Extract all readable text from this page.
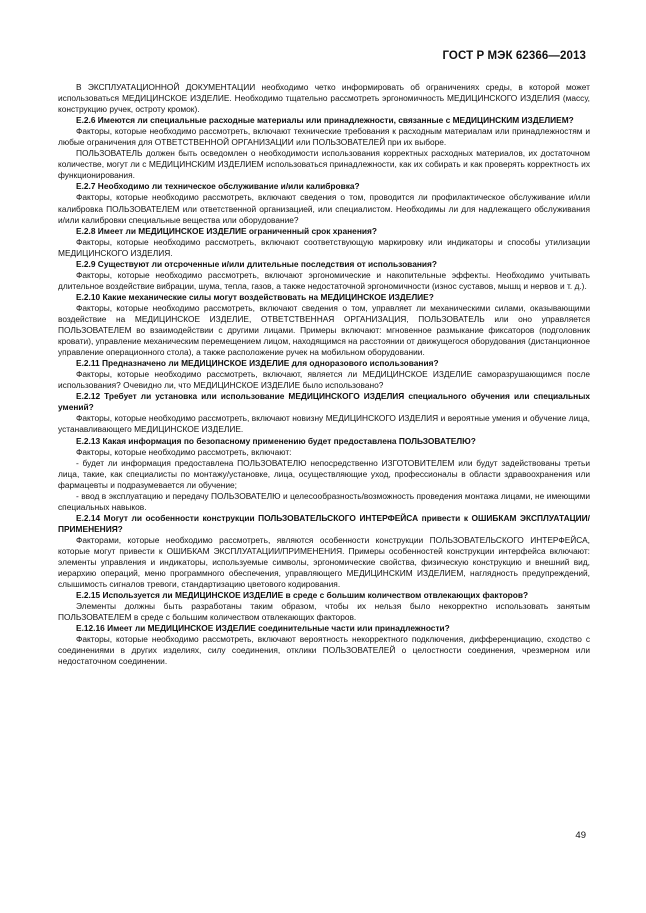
ГОСТ Р МЭК 62366—2013

В ЭКСПЛУАТАЦИОННОЙ ДОКУМЕНТАЦИИ необходимо четко информировать об ограничениях среды, в которой может использоваться МЕДИЦИНСКОЕ ИЗДЕЛИЕ. Необходимо тщательно рассмотреть эргономичность МЕДИЦИНСКОГО ИЗДЕЛИЯ (массу, конструкцию ручек, остроту кромок).

Е.2.6 Имеются ли специальные расходные материалы или принадлежности, связанные с МЕДИЦИНСКИМ ИЗДЕЛИЕМ?

Факторы, которые необходимо рассмотреть, включают технические требования к расходным материалам или принадлежностям и любые ограничения для ОТВЕТСТВЕННОЙ ОРГАНИЗАЦИИ или ПОЛЬЗОВАТЕЛЕЙ при их выборе.

ПОЛЬЗОВАТЕЛЬ должен быть осведомлен о необходимости использования корректных расходных материалов, их достаточном количестве, могут ли с МЕДИЦИНСКИМ ИЗДЕЛИЕМ использоваться принадлежности, как их собирать и как проверять корректность их функционирования.

Е.2.7 Необходимо ли техническое обслуживание и/или калибровка?

Факторы, которые необходимо рассмотреть, включают сведения о том, проводится ли профилактическое обслуживание и/или калибровка ПОЛЬЗОВАТЕЛЕМ или ответственной организацией, или специалистом. Необходимы ли для надлежащего обслуживания и/или калибровки специальные вещества или оборудование?

Е.2.8 Имеет ли МЕДИЦИНСКОЕ ИЗДЕЛИЕ ограниченный срок хранения?

Факторы, которые необходимо рассмотреть, включают соответствующую маркировку или индикаторы и способы утилизации МЕДИЦИНСКОГО ИЗДЕЛИЯ.

Е.2.9 Существуют ли отсроченные и/или длительные последствия от использования?

Факторы, которые необходимо рассмотреть, включают эргономические и накопительные эффекты. Необходимо учитывать длительное воздействие вибрации, шума, тепла, газов, а также недостаточной эргономичности (износ суставов, мышц и нервов и т. д.).

Е.2.10 Какие механические силы могут воздействовать на МЕДИЦИНСКОЕ ИЗДЕЛИЕ?

Факторы, которые необходимо рассмотреть, включают сведения о том, управляет ли механическими силами, оказывающими воздействие на МЕДИЦИНСКОЕ ИЗДЕЛИЕ, ОТВЕТСТВЕННАЯ ОРГАНИЗАЦИЯ, ПОЛЬЗОВАТЕЛЬ или оно управляется ПОЛЬЗОВАТЕЛЕМ во взаимодействии с другими лицами. Примеры включают: мгновенное размыкание фиксаторов (подголовник кровати), управление механическим перемещением лицом, находящимся на расстоянии от движущегося оборудования (дистанционное управление операционного стола), а также расположение ручек на мобильном оборудовании.

Е.2.11 Предназначено ли МЕДИЦИНСКОЕ ИЗДЕЛИЕ для одноразового использования?

Факторы, которые необходимо рассмотреть, включают, является ли МЕДИЦИНСКОЕ ИЗДЕЛИЕ саморазрушающимся после использования? Очевидно ли, что МЕДИЦИНСКОЕ ИЗДЕЛИЕ было использовано?

Е.2.12 Требует ли установка или использование МЕДИЦИНСКОГО ИЗДЕЛИЯ специального обучения или специальных умений?

Факторы, которые необходимо рассмотреть, включают новизну МЕДИЦИНСКОГО ИЗДЕЛИЯ и вероятные умения и обучение лица, устанавливающего МЕДИЦИНСКОЕ ИЗДЕЛИЕ.

Е.2.13 Какая информация по безопасному применению будет предоставлена ПОЛЬЗОВАТЕЛЮ?

Факторы, которые необходимо рассмотреть, включают:

- будет ли информация предоставлена ПОЛЬЗОВАТЕЛЮ непосредственно ИЗГОТОВИТЕЛЕМ или будут задействованы третьи лица, такие, как специалисты по монтажу/установке, лица, осуществляющие уход, профессионалы в области здравоохранения или фармацевты и подразумевается ли обучение;

- ввод в эксплуатацию и передачу ПОЛЬЗОВАТЕЛЮ и целесообразность/возможность проведения монтажа лицами, не имеющими специальных навыков.

Е.2.14 Могут ли особенности конструкции ПОЛЬЗОВАТЕЛЬСКОГО ИНТЕРФЕЙСА привести к ОШИБКАМ ЭКСПЛУАТАЦИИ/ПРИМЕНЕНИЯ?

Факторами, которые необходимо рассмотреть, являются особенности конструкции ПОЛЬЗОВАТЕЛЬСКОГО ИНТЕРФЕЙСА, которые могут привести к ОШИБКАМ ЭКСПЛУАТАЦИИ/ПРИМЕНЕНИЯ. Примеры особенностей конструкции интерфейса включают: элементы управления и индикаторы, используемые символы, эргономические свойства, физическую конструкцию и внешний вид, иерархию операций, меню программного обеспечения, управляющего МЕДИЦИНСКИМ ИЗДЕЛИЕМ, наглядность предупреждений, слышимость сигналов тревоги, стандартизацию цветового кодирования.

Е.2.15 Используется ли МЕДИЦИНСКОЕ ИЗДЕЛИЕ в среде с большим количеством отвлекающих факторов?

Элементы должны быть разработаны таким образом, чтобы их нельзя было некорректно использовать занятым ПОЛЬЗОВАТЕЛЕМ в среде с большим количеством отвлекающих факторов.

Е.12.16 Имеет ли МЕДИЦИНСКОЕ ИЗДЕЛИЕ соединительные части или принадлежности?

Факторы, которые необходимо рассмотреть, включают вероятность некорректного подключения, дифференциацию, сходство с соединениями в других изделиях, силу соединения, отклики ПОЛЬЗОВАТЕЛЕЙ о целостности соединения, чрезмерном или недостаточном соединении.

49
